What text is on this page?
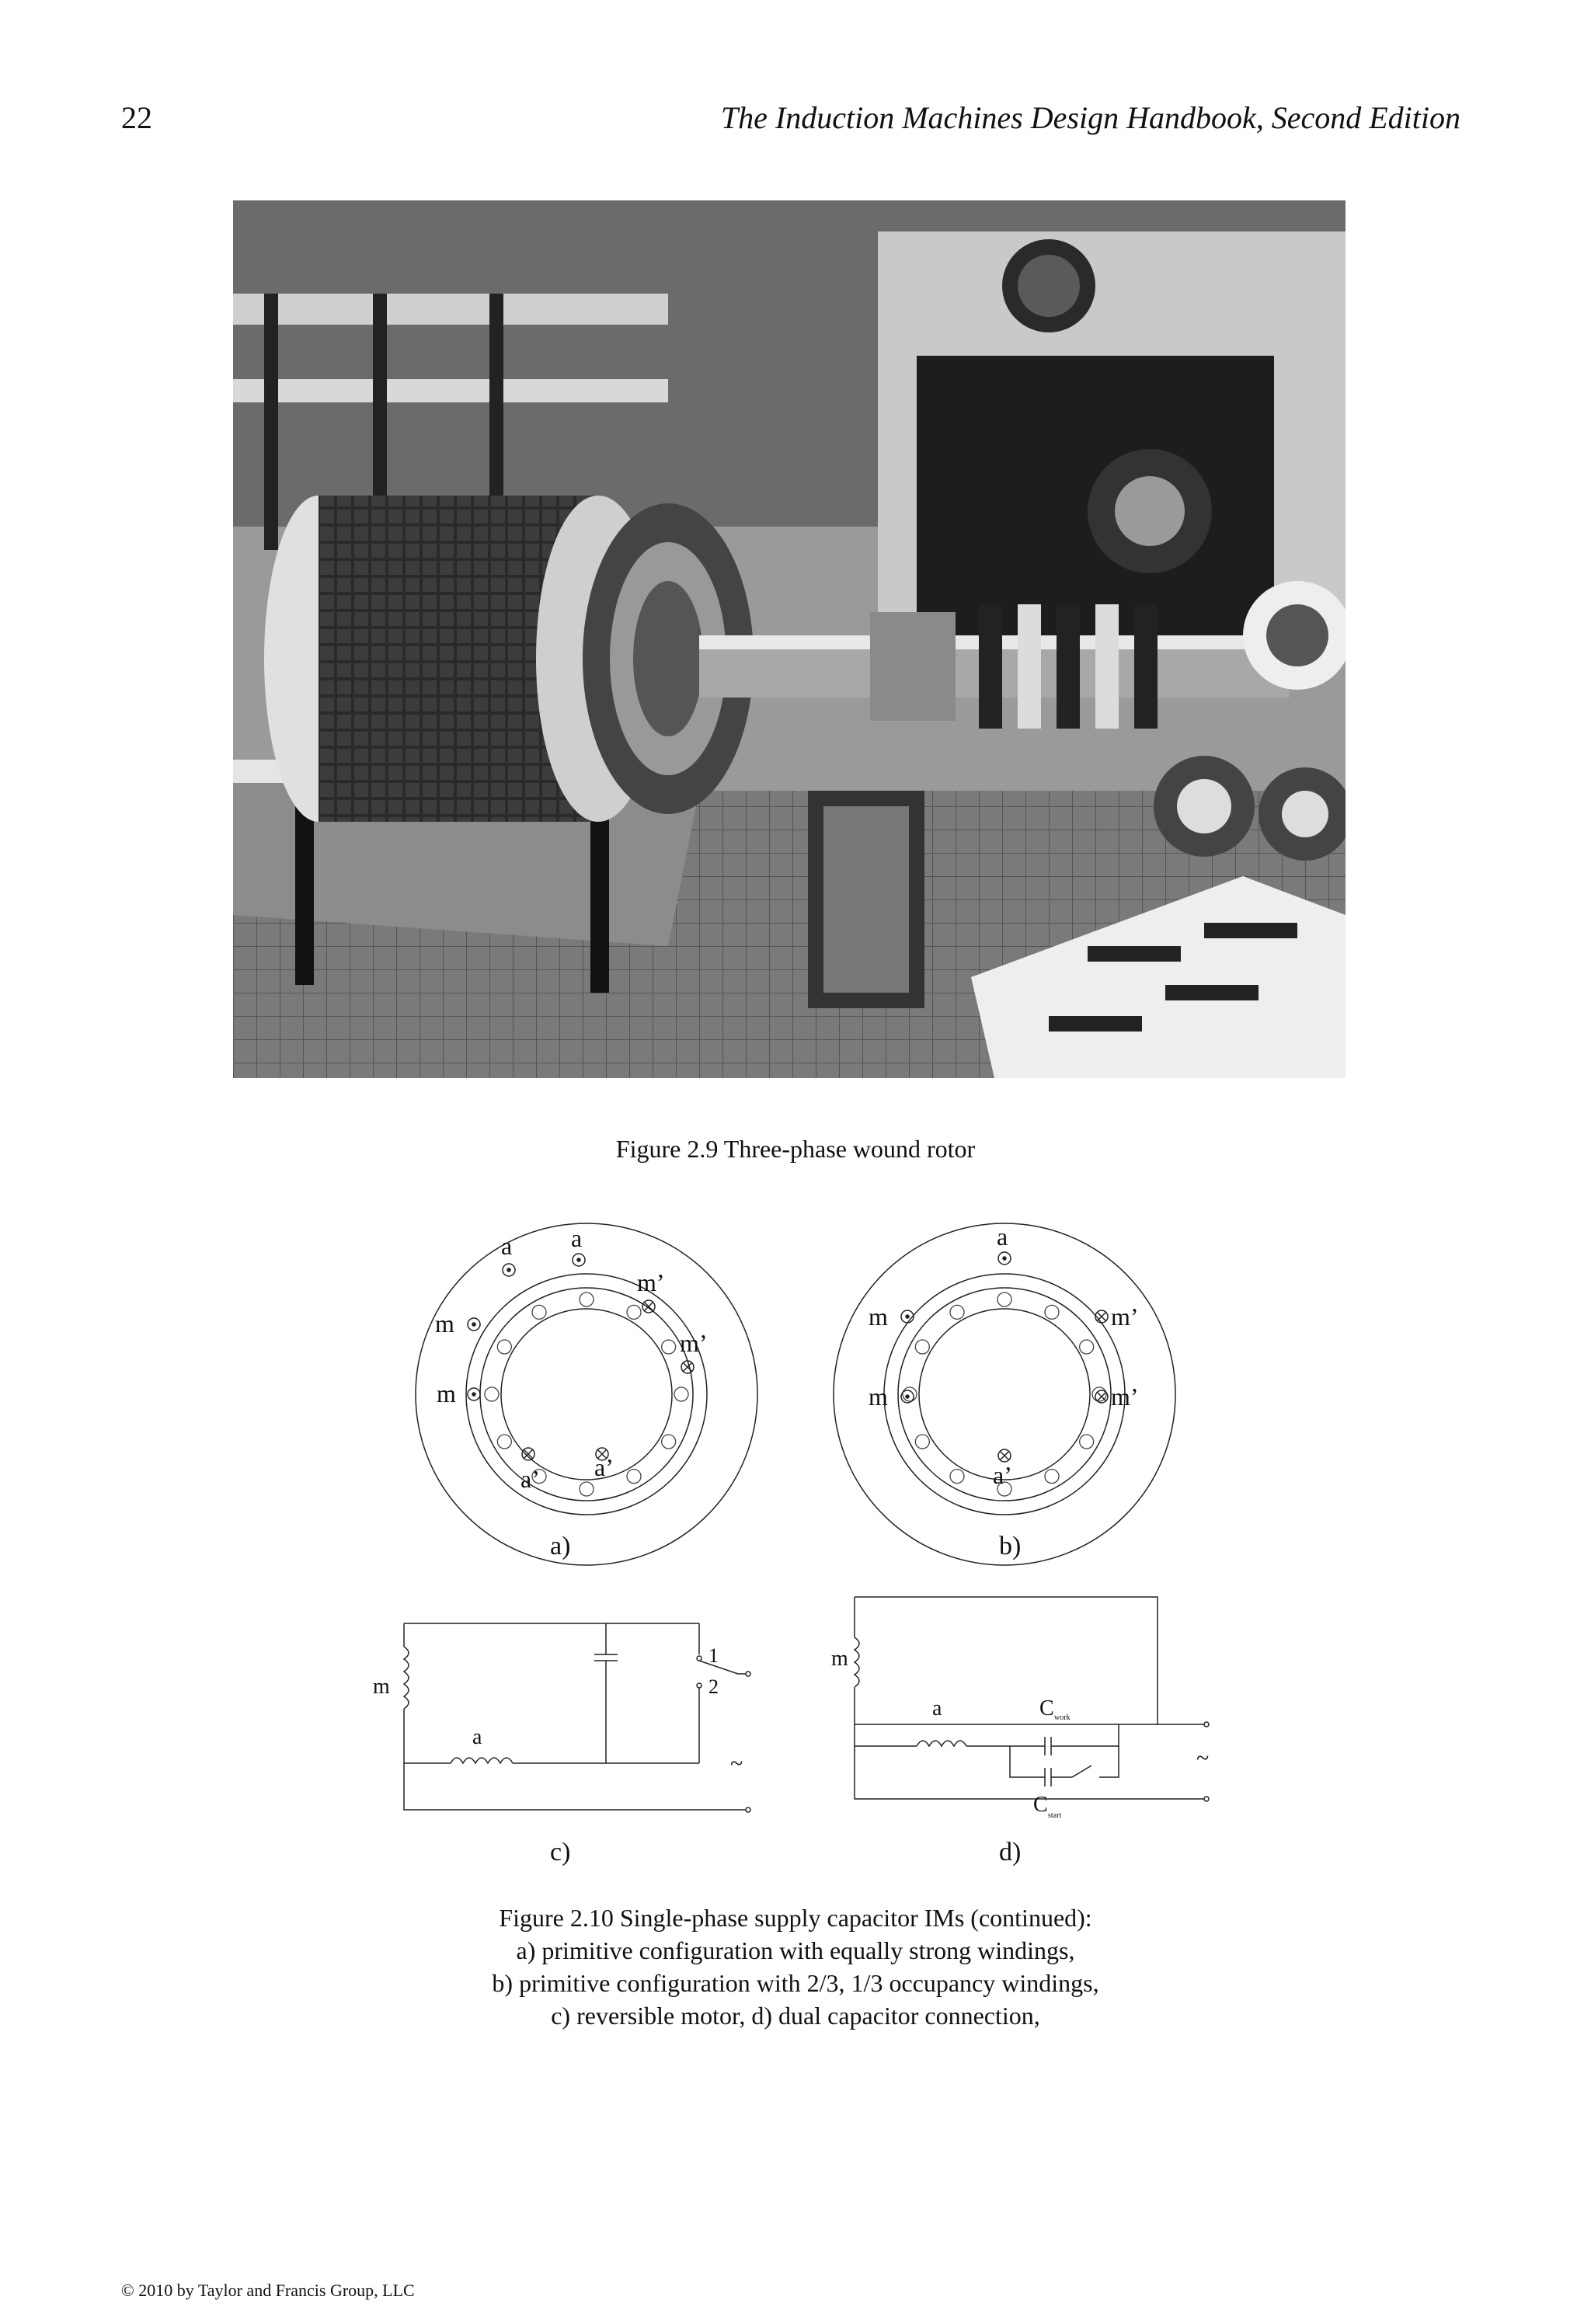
22	The Induction Machines Design Handbook, Second Edition
Figure 2.9 Three-phase wound rotor
a a
m
m
m’
m’
a’ a’
a)
a
m
m
m’
m’
a’
b)
m
a
1
2
~
c)
m
a	C work
C start
~
d)
Figure 2.10 Single-phase supply capacitor IMs (continued):
a) primitive configuration with equally strong windings,
b) primitive configuration with 2/3, 1/3 occupancy windings,
c) reversible motor, d) dual capacitor connection,
© 2010 by Taylor and Francis Group, LLC
